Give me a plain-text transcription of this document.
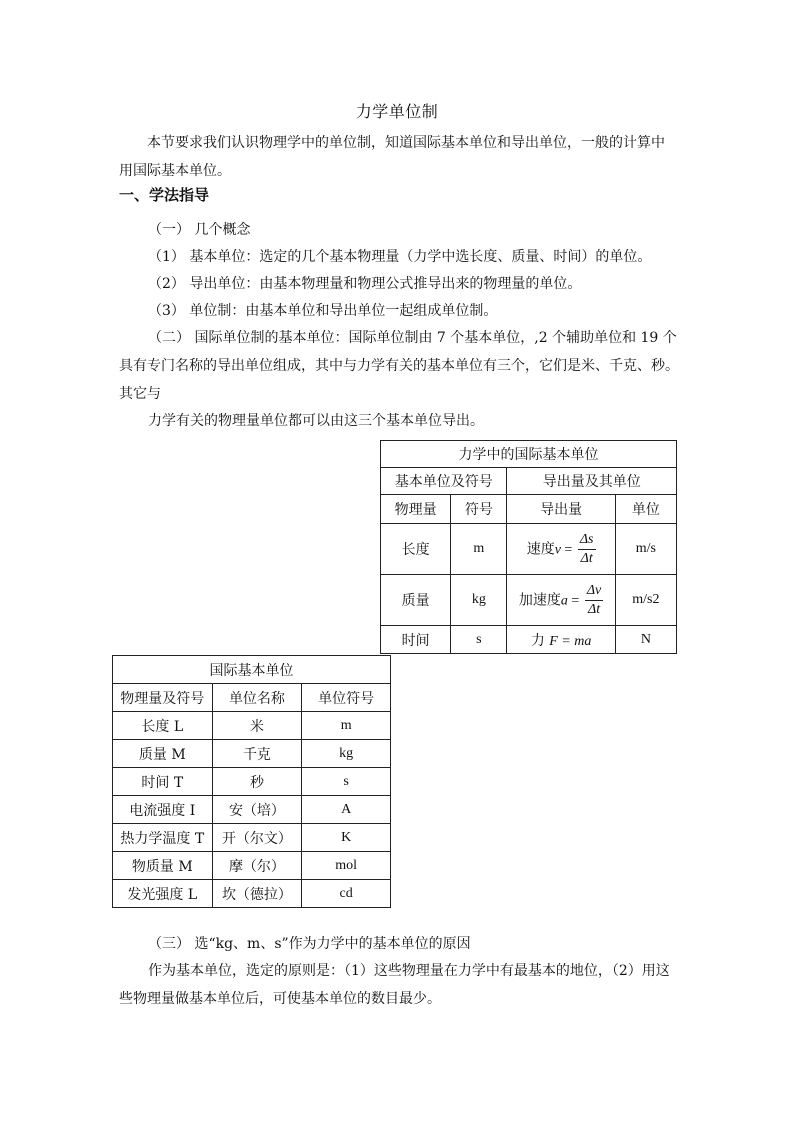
力学单位制
本节要求我们认识物理学中的单位制，知道国际基本单位和导出单位，一般的计算中

用国际基本单位。
一、学法指导
（一） 几个概念
（1） 基本单位：选定的几个基本物理量（力学中选长度、质量、时间）的单位。
（2） 导出单位：由基本物理量和物理公式推导出来的物理量的单位。
（3） 单位制：由基本单位和导出单位一起组成单位制。
（二） 国际单位制的基本单位：国际单位制由 7 个基本单位，,2 个辅助单位和 19 个
具有专门名称的导出单位组成，其中与力学有关的基本单位有三个，它们是米、千克、秒。
其它与
力学有关的物理量单位都可以由这三个基本单位导出。
力学中的国际基本单位			
基本单位及符号		导出量及其单位	
物理量	符号	导出量	单位
长度	m	速度$v = \frac{\Delta s}{\Delta t}$	m/s
质量	kg	加速度$a = \frac{\Delta v}{\Delta t}$	m/s2
时间	s	力 F = ma	N
国际基本单位		
物理量及符号	单位名称	单位符号
长度 L	米	m
质量 M	千克	kg
时间 T	秒	s
电流强度 I	安（培）	A
热力学温度 T	开（尔文）	K
物质量 M	摩（尔）	mol
发光强度 L	坎（德拉）	cd
（三） 选“kg、m、s”作为力学中的基本单位的原因
作为基本单位，选定的原则是：（1）这些物理量在力学中有最基本的地位，（2）用这
些物理量做基本单位后，可使基本单位的数目最少。
